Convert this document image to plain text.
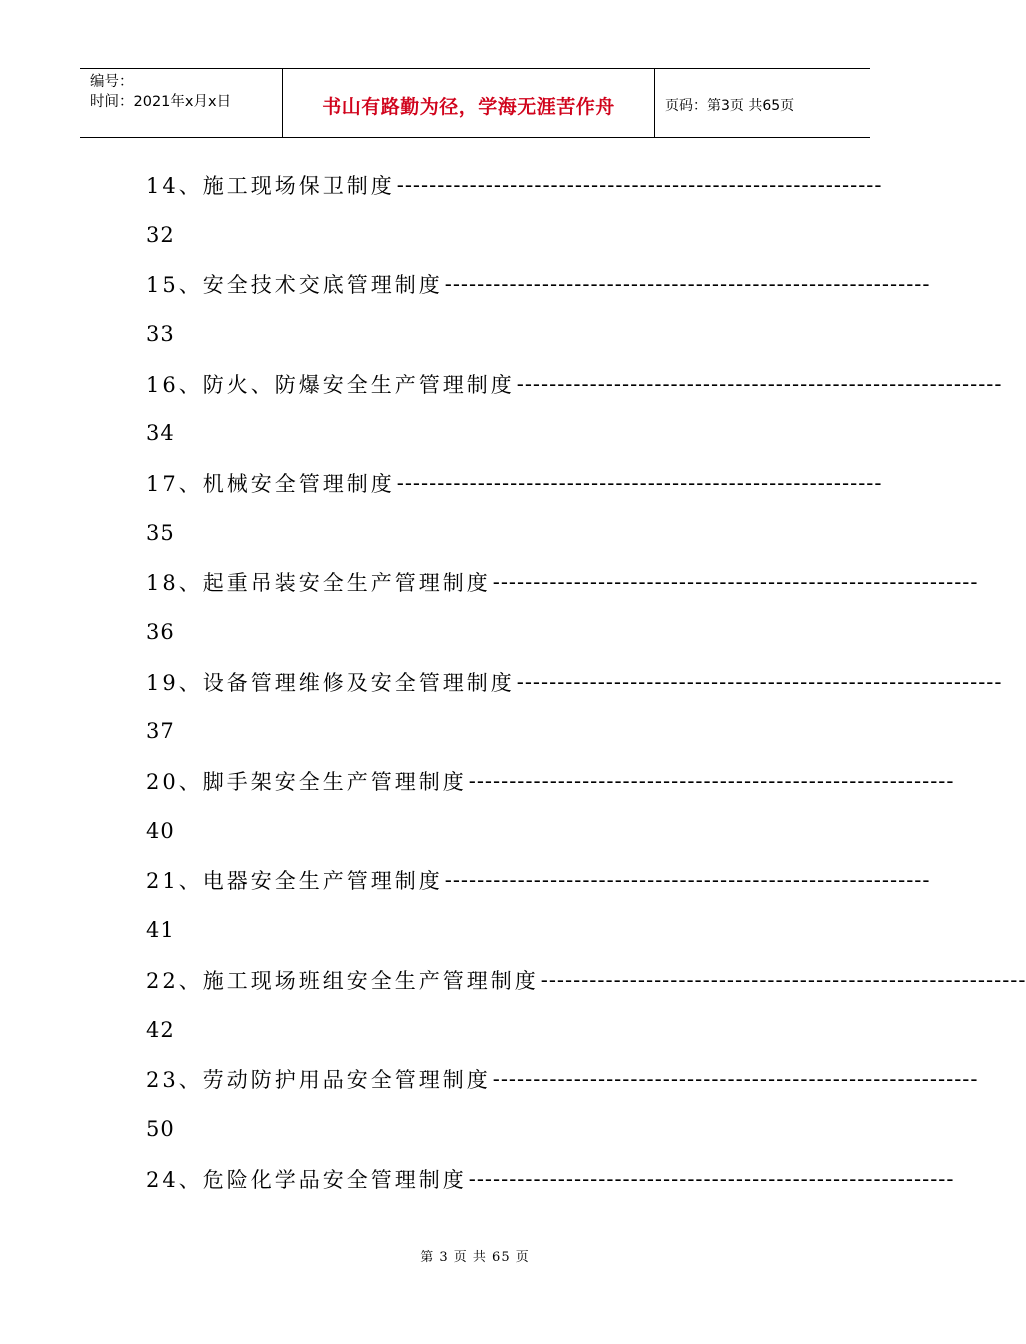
编号：
时间：2021年x月x日	书山有路勤为径，学海无涯苦作舟	页码：第3页 共65页
14、施工现场保卫制度 ------------------------------------------------------------
32
15、安全技术交底管理制度 ------------------------------------------------------------
33
16、防火、防爆安全生产管理制度 ------------------------------------------------------------
34
17、机械安全管理制度 ------------------------------------------------------------
35
18、起重吊装安全生产管理制度 ------------------------------------------------------------
36
19、设备管理维修及安全管理制度 ------------------------------------------------------------
37
20、脚手架安全生产管理制度 ------------------------------------------------------------
40
21、电器安全生产管理制度 ------------------------------------------------------------
41
22、施工现场班组安全生产管理制度 ------------------------------------------------------------
42
23、劳动防护用品安全管理制度 ------------------------------------------------------------
50
24、危险化学品安全管理制度 ------------------------------------------------------------
第 3 页 共 65 页
